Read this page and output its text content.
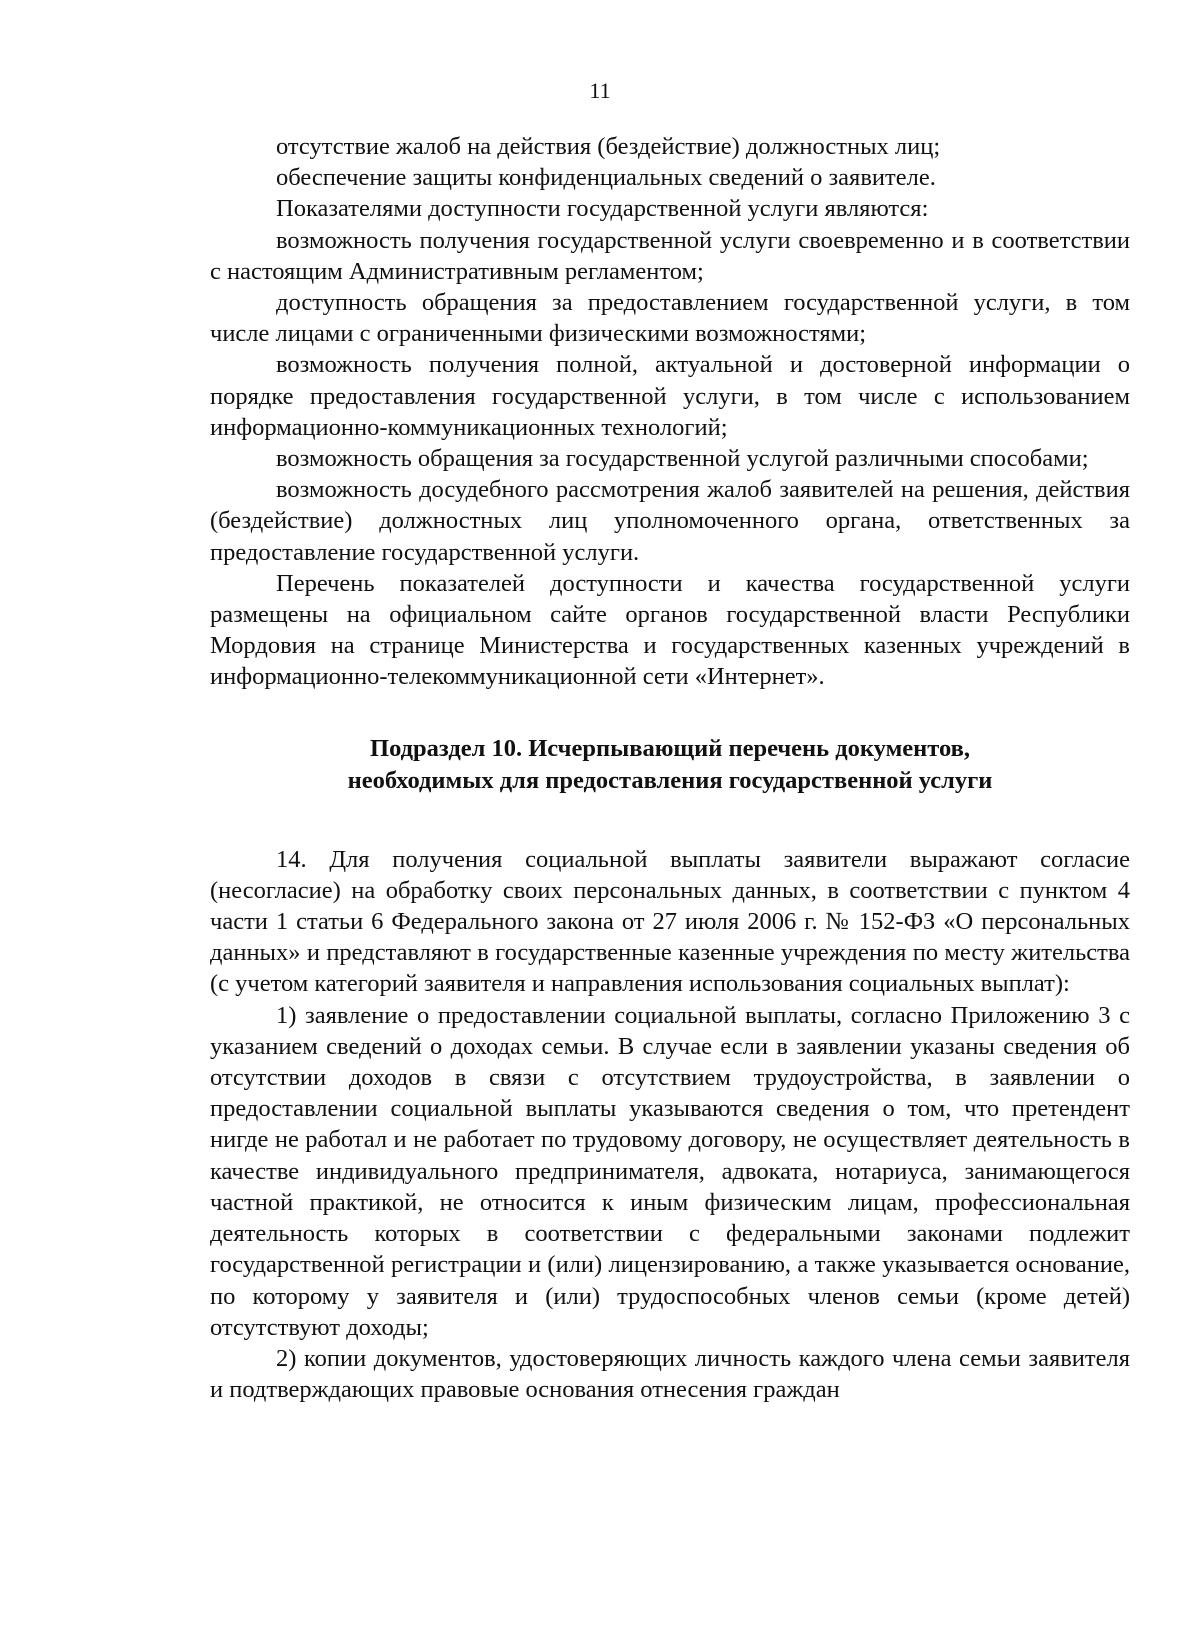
11

отсутствие жалоб на действия (бездействие) должностных лиц;

обеспечение защиты конфиденциальных сведений о заявителе.

Показателями доступности государственной услуги являются:

возможность получения государственной услуги своевременно и в соответствии с настоящим Административным регламентом;

доступность обращения за предоставлением государственной услуги, в том числе лицами с ограниченными физическими возможностями;

возможность получения полной, актуальной и достоверной информации о порядке предоставления государственной услуги, в том числе с использованием информационно-коммуникационных технологий;

возможность обращения за государственной услугой различными способами;

возможность досудебного рассмотрения жалоб заявителей на решения, действия (бездействие) должностных лиц уполномоченного органа, ответственных за предоставление государственной услуги.

Перечень показателей доступности и качества государственной услуги размещены на официальном сайте органов государственной власти Республики Мордовия на странице Министерства и государственных казенных учреждений в информационно-телекоммуникационной сети «Интернет».

Подраздел 10. Исчерпывающий перечень документов,
необходимых для предоставления государственной услуги

14. Для получения социальной выплаты заявители выражают согласие (несогласие) на обработку своих персональных данных, в соответствии с пунктом 4 части 1 статьи 6 Федерального закона от 27 июля 2006 г. № 152-ФЗ «О персональных данных» и представляют в государственные казенные учреждения по месту жительства (с учетом категорий заявителя и направления использования социальных выплат):

1) заявление о предоставлении социальной выплаты, согласно Приложению 3 с указанием сведений о доходах семьи. В случае если в заявлении указаны сведения об отсутствии доходов в связи с отсутствием трудоустройства, в заявлении о предоставлении социальной выплаты указываются сведения о том, что претендент нигде не работал и не работает по трудовому договору, не осуществляет деятельность в качестве индивидуального предпринимателя, адвоката, нотариуса, занимающегося частной практикой, не относится к иным физическим лицам, профессиональная деятельность которых в соответствии с федеральными законами подлежит государственной регистрации и (или) лицензированию, а также указывается основание, по которому у заявителя и (или) трудоспособных членов семьи (кроме детей) отсутствуют доходы;

2) копии документов, удостоверяющих личность каждого члена семьи заявителя и подтверждающих правовые основания отнесения граждан
